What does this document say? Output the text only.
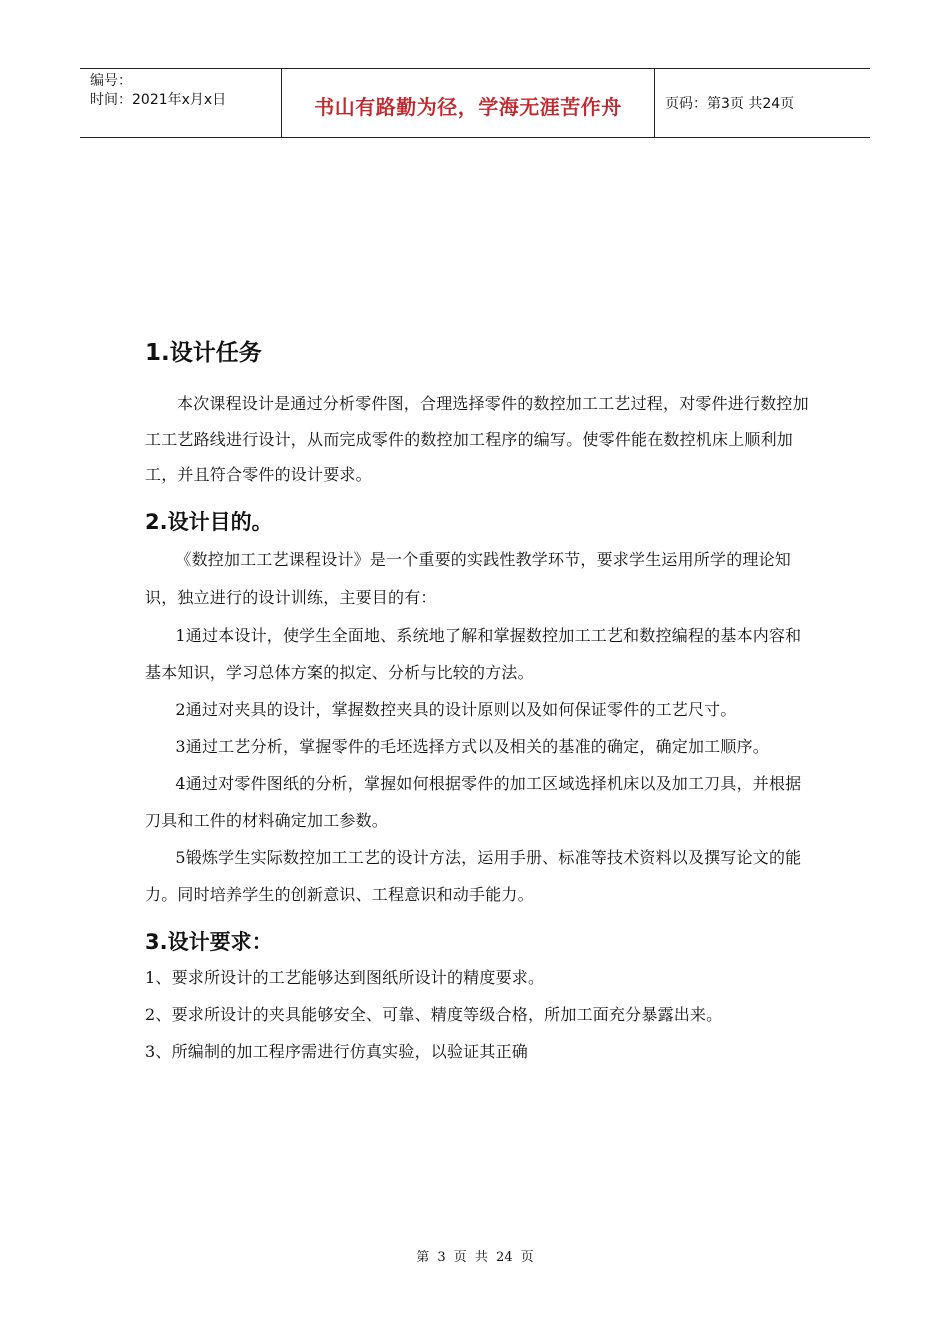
编号：
时间：2021年x月x日	书山有路勤为径，学海无涯苦作舟	页码：第3页 共24页
1.设计任务

本次课程设计是通过分析零件图，合理选择零件的数控加工工艺过程，对零件进行数控加工工艺路线进行设计，从而完成零件的数控加工程序的编写。使零件能在数控机床上顺利加工，并且符合零件的设计要求。

2.设计目的。

《数控加工工艺课程设计》是一个重要的实践性教学环节，要求学生运用所学的理论知识，独立进行的设计训练，主要目的有：

1通过本设计，使学生全面地、系统地了解和掌握数控加工工艺和数控编程的基本内容和基本知识，学习总体方案的拟定、分析与比较的方法。

2通过对夹具的设计，掌握数控夹具的设计原则以及如何保证零件的工艺尺寸。

3通过工艺分析，掌握零件的毛坯选择方式以及相关的基准的确定，确定加工顺序。

4通过对零件图纸的分析，掌握如何根据零件的加工区域选择机床以及加工刀具，并根据刀具和工件的材料确定加工参数。

5锻炼学生实际数控加工工艺的设计方法，运用手册、标准等技术资料以及撰写论文的能力。同时培养学生的创新意识、工程意识和动手能力。

3.设计要求：

1、要求所设计的工艺能够达到图纸所设计的精度要求。

2、要求所设计的夹具能够安全、可靠、精度等级合格，所加工面充分暴露出来。

3、所编制的加工程序需进行仿真实验，以验证其正确

第 3 页 共 24 页
